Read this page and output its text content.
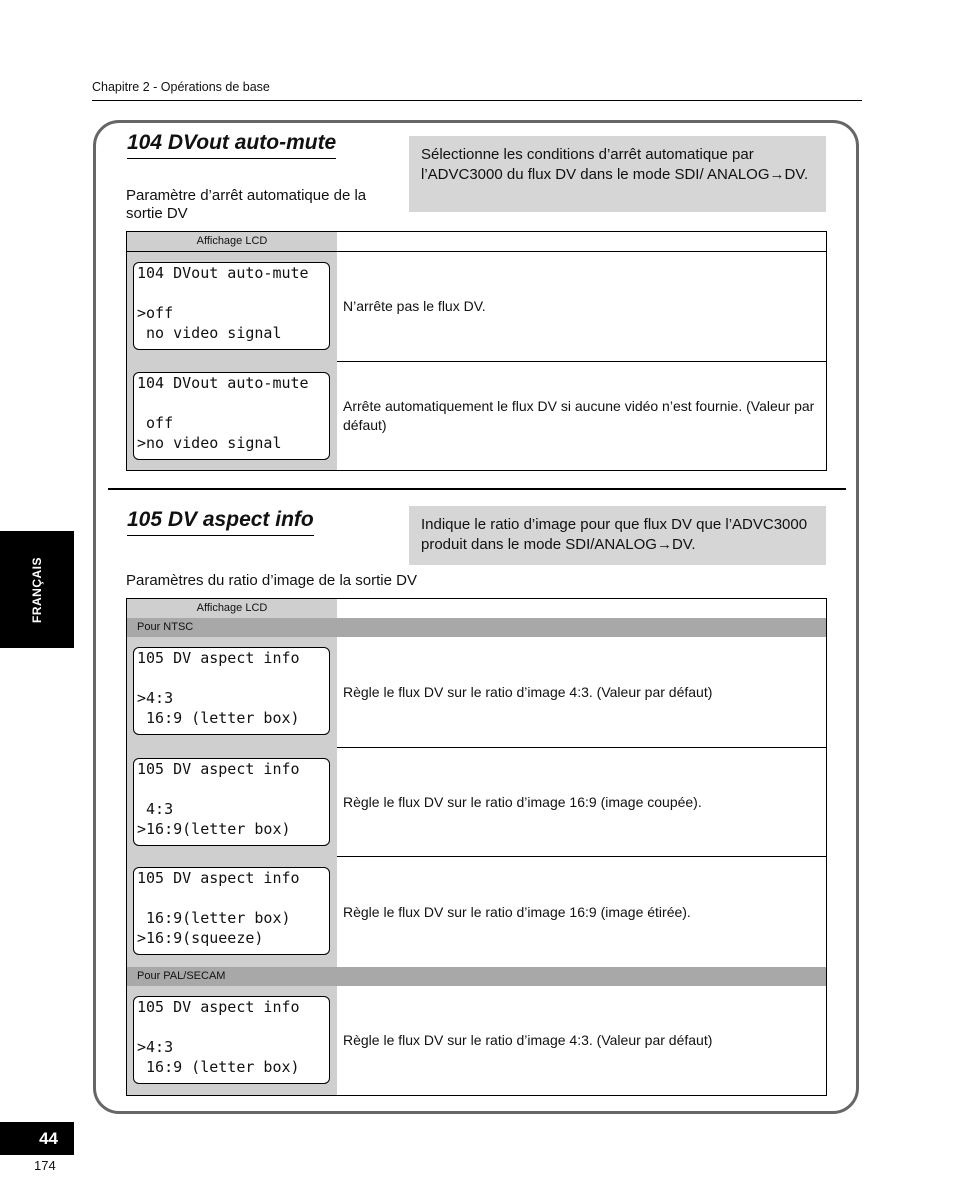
Chapitre 2 - Opérations de base
104 DVout auto-mute
Sélectionne les conditions d’arrêt automatique par l’ADVC3000 du flux DV dans le mode SDI/ ANALOG→DV.
Paramètre d’arrêt automatique de la sortie DV
Affichage LCD
104 DVout auto-mute
>off
no video signal
N’arrête pas le flux DV.
104 DVout auto-mute
off
>no video signal
Arrête automatiquement le flux DV si aucune vidéo n’est fournie. (Valeur par défaut)
105 DV aspect info	Indique le ratio d’image pour que flux DV que l’ADVC3000 produit dans le mode SDI/ANALOG→DV.
Paramètres du ratio d’image de la sortie DV
Affichage LCD
Pour NTSC
105 DV aspect info
>4:3
16:9 (letter box)
Règle le flux DV sur le ratio d’image 4:3. (Valeur par défaut)
105 DV aspect info
4:3
>16:9(letter box)
Règle le flux DV sur le ratio d’image 16:9 (image coupée).
105 DV aspect info
16:9(letter box)
>16:9(squeeze)
Règle le flux DV sur le ratio d’image 16:9 (image étirée).
Pour PAL/SECAM
105 DV aspect info
>4:3
16:9 (letter box)
Règle le flux DV sur le ratio d’image 4:3. (Valeur par défaut)
FRANÇAIS
44
174
